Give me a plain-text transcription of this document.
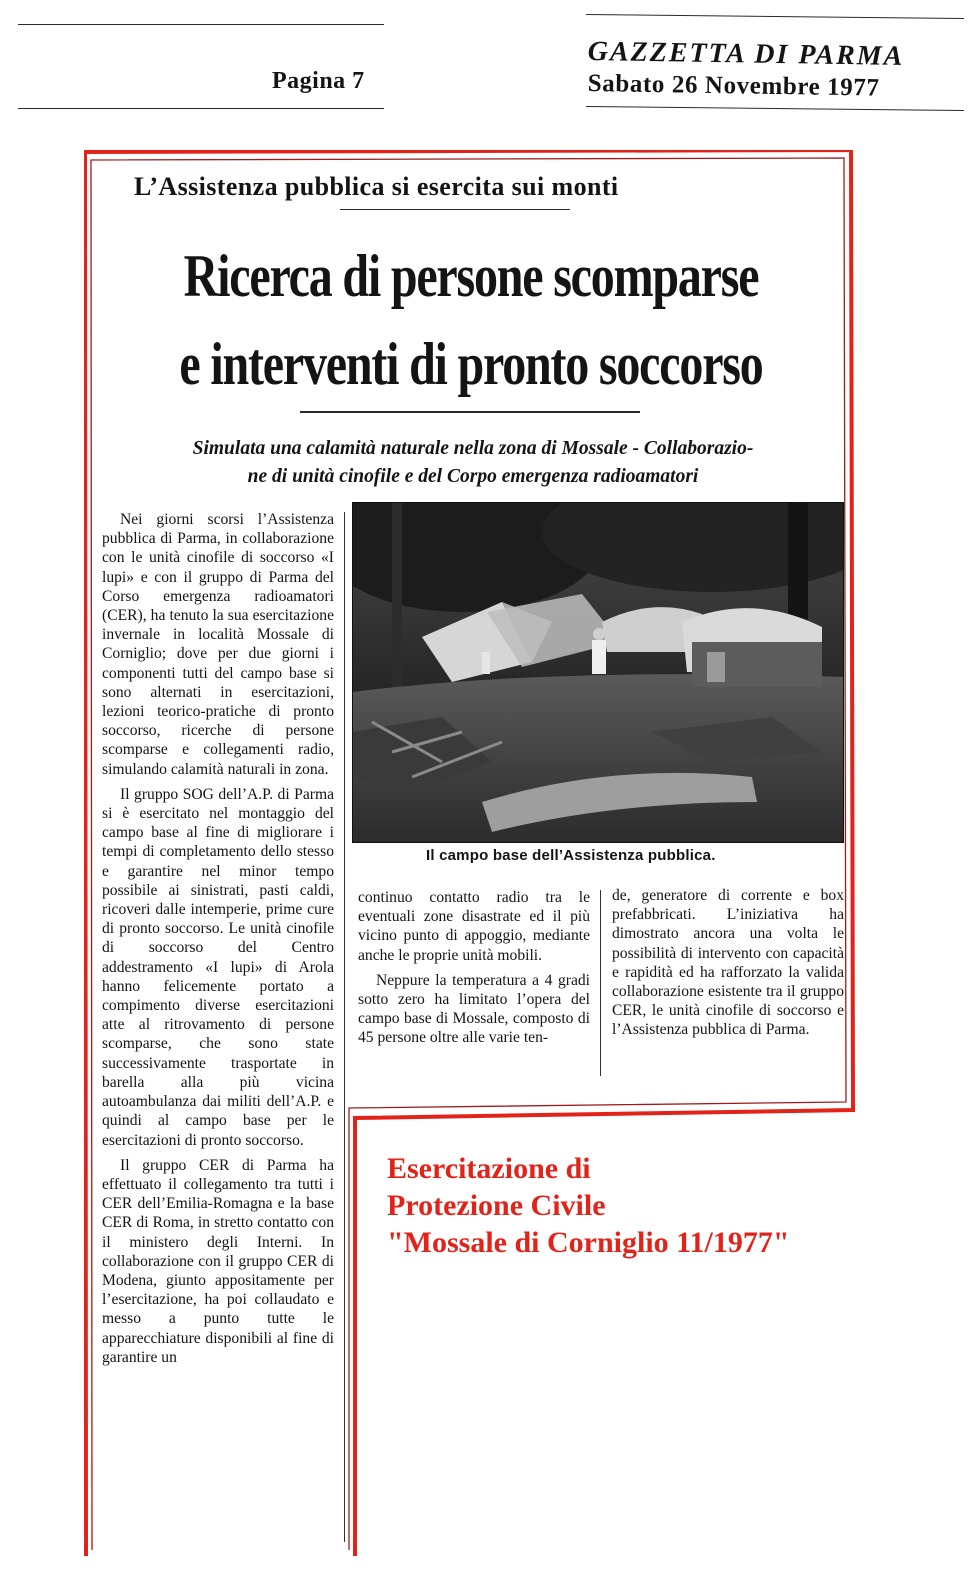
Pagina 7
GAZZETTA DI PARMA
Sabato 26 Novembre 1977
L’Assistenza pubblica si esercita sui monti
Ricerca di persone scomparse
e interventi di pronto soccorso
Simulata una calamità naturale nella zona di Mossale - Collaborazio-
ne di unità cinofile e del Corpo emergenza radioamatori

Nei giorni scorsi l’Assistenza pubblica di Parma, in collaborazione con le unità cinofile di soccorso «I lupi» e con il gruppo di Parma del Corso emergenza radioamatori (CER), ha tenuto la sua esercitazione invernale in località Mossale di Corniglio; dove per due giorni i componenti tutti del campo base si sono alternati in esercitazioni, lezioni teorico-pratiche di pronto soccorso, ricerche di persone scomparse e collegamenti radio, simulando calamità naturali in zona.

Il gruppo SOG dell’A.P. di Parma si è esercitato nel montaggio del campo base al fine di migliorare i tempi di completamento dello stesso e garantire nel minor tempo possibile ai sinistrati, pasti caldi, ricoveri dalle intemperie, prime cure di pronto soccorso. Le unità cinofile di soccorso del Centro addestramento «I lupi» di Arola hanno felicemente portato a compimento diverse esercitazioni atte al ritrovamento di persone scomparse, che sono state successivamente trasportate in barella alla più vicina autoambulanza dai militi dell’A.P. e quindi al campo base per le esercitazioni di pronto soccorso.

Il gruppo CER di Parma ha effettuato il collegamento tra tutti i CER dell’Emilia-Romagna e la base CER di Roma, in stretto contatto con il ministero degli Interni. In collaborazione con il gruppo CER di Modena, giunto appositamente per l’esercitazione, ha poi collaudato e messo a punto tutte le apparecchiature disponibili al fine di garantire un

Il campo base dell’Assistenza pubblica.

continuo contatto radio tra le eventuali zone disastrate ed il più vicino punto di appoggio, mediante anche le proprie unità mobili.

Neppure la temperatura a 4 gradi sotto zero ha limitato l’opera del campo base di Mossale, composto di 45 persone oltre alle varie ten-

de, generatore di corrente e box prefabbricati. L’iniziativa ha dimostrato ancora una volta le possibilità di intervento con capacità e rapidità ed ha rafforzato la valida collaborazione esistente tra il gruppo CER, le unità cinofile di soccorso e l’Assistenza pubblica di Parma.

Esercitazione di
Protezione Civile
"Mossale di Corniglio 11/1977"
